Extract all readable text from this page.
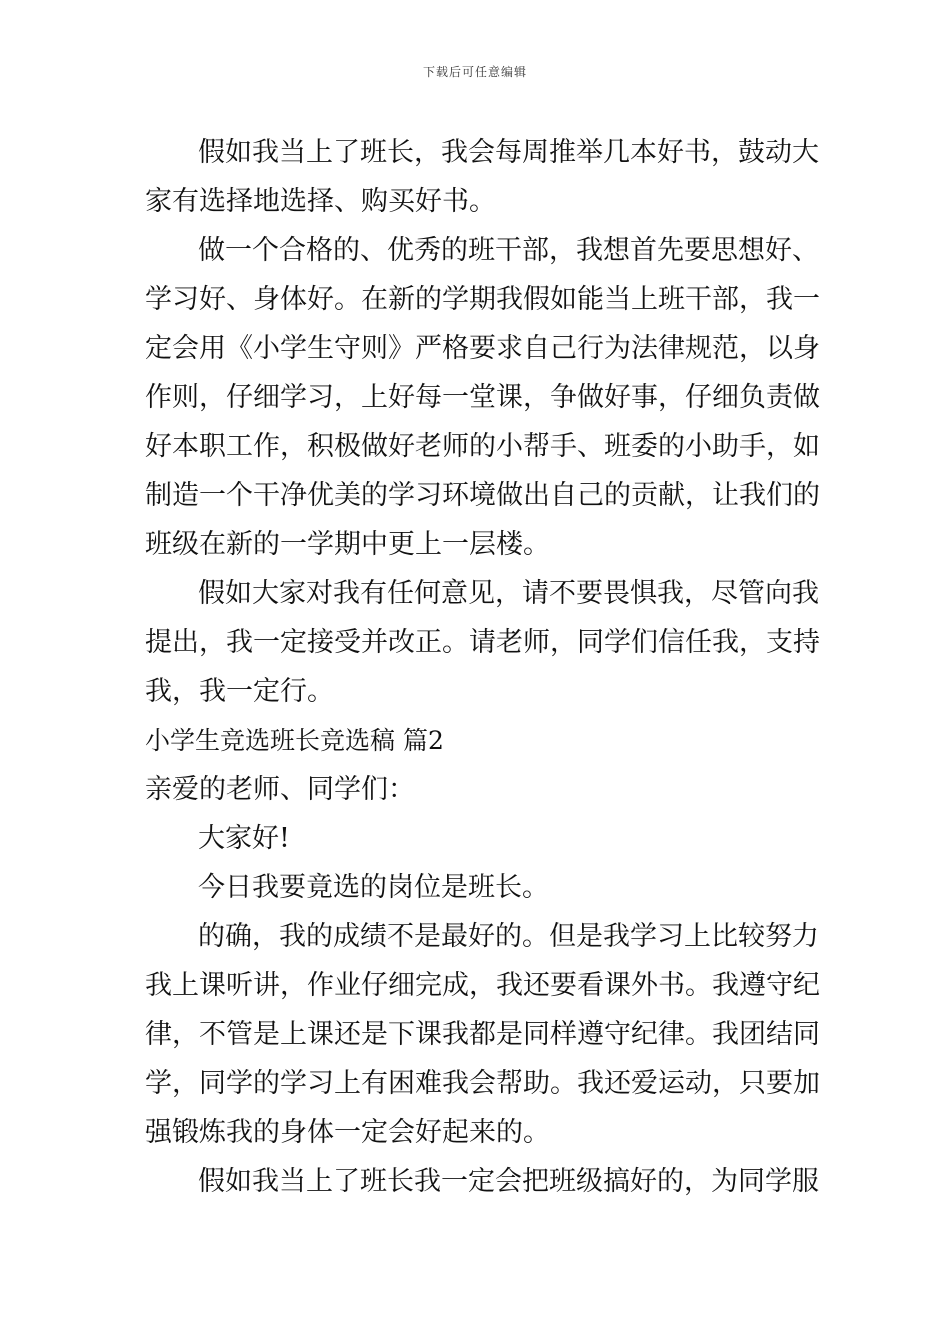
下载后可任意编辑
假如我当上了班长，我会每周推举几本好书，鼓动大
家有选择地选择、购买好书。
做一个合格的、优秀的班干部，我想首先要思想好、
学习好、身体好。在新的学期我假如能当上班干部，我一
定会用《小学生守则》严格要求自己行为法律规范，以身
作则，仔细学习，上好每一堂课，争做好事，仔细负责做
好本职工作，积极做好老师的小帮手、班委的小助手，如
制造一个干净优美的学习环境做出自己的贡献，让我们的
班级在新的一学期中更上一层楼。
假如大家对我有任何意见，请不要畏惧我，尽管向我
提出，我一定接受并改正。请老师，同学们信任我，支持
我，我一定行。
小学生竞选班长竞选稿 篇2
亲爱的老师、同学们：
大家好!
今日我要竟选的岗位是班长。
的确，我的成绩不是最好的。但是我学习上比较努力
我上课听讲，作业仔细完成，我还要看课外书。我遵守纪
律，不管是上课还是下课我都是同样遵守纪律。我团结同
学，同学的学习上有困难我会帮助。我还爱运动，只要加
强锻炼我的身体一定会好起来的。
假如我当上了班长我一定会把班级搞好的，为同学服
